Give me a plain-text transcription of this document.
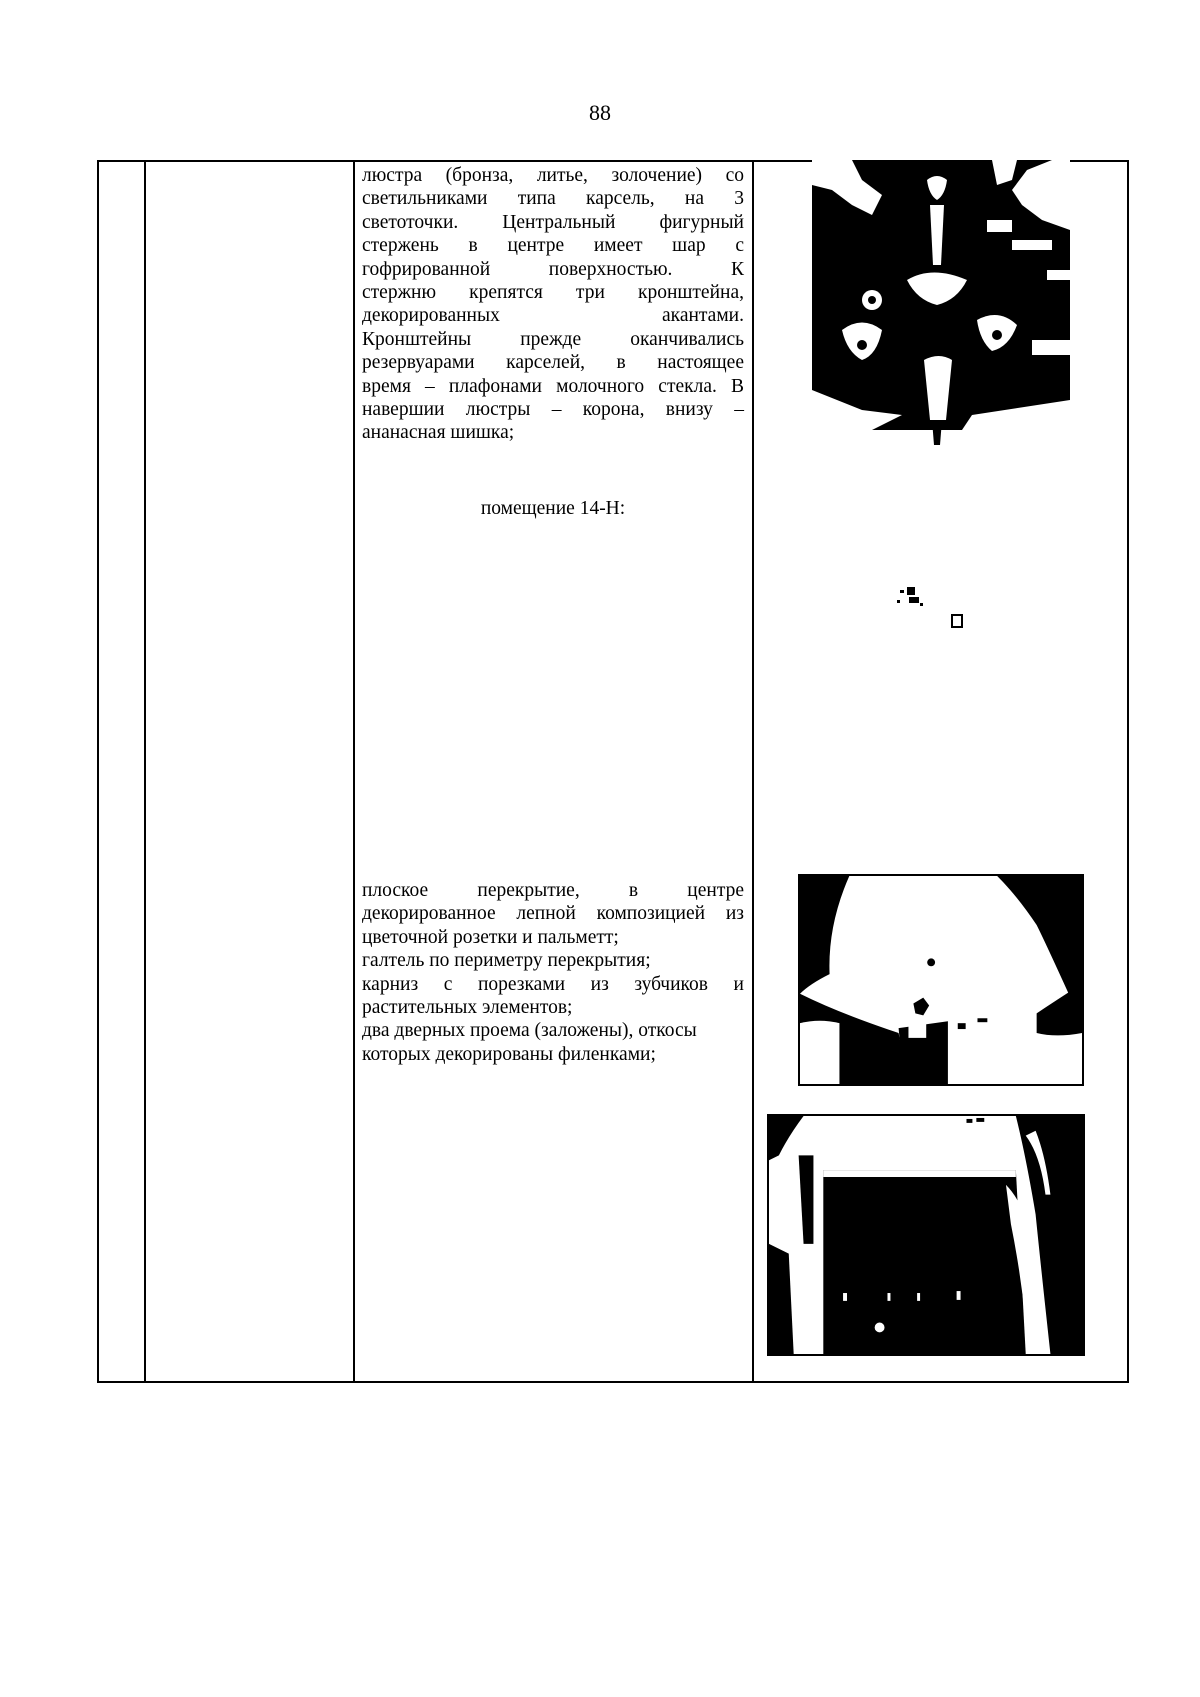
88
люстра (бронза, литье, золочение) со
светильниками типа карсель, на 3
светоточки. Центральный фигурный
стержень в центре имеет шар с
гофрированной поверхностью. К
стержню крепятся три кронштейна,
декорированных акантами.
Кронштейны прежде оканчивались
резервуарами карселей, в настоящее
время – плафонами молочного стекла. В
навершии люстры – корона, внизу –
ананасная шишка;
помещение 14-Н:
плоское перекрытие, в центре
декорированное лепной композицией из
цветочной розетки и пальметт;
галтель по периметру перекрытия;
карниз с порезками из зубчиков и
растительных элементов;
два дверных проема (заложены), откосы
которых декорированы филенками;
